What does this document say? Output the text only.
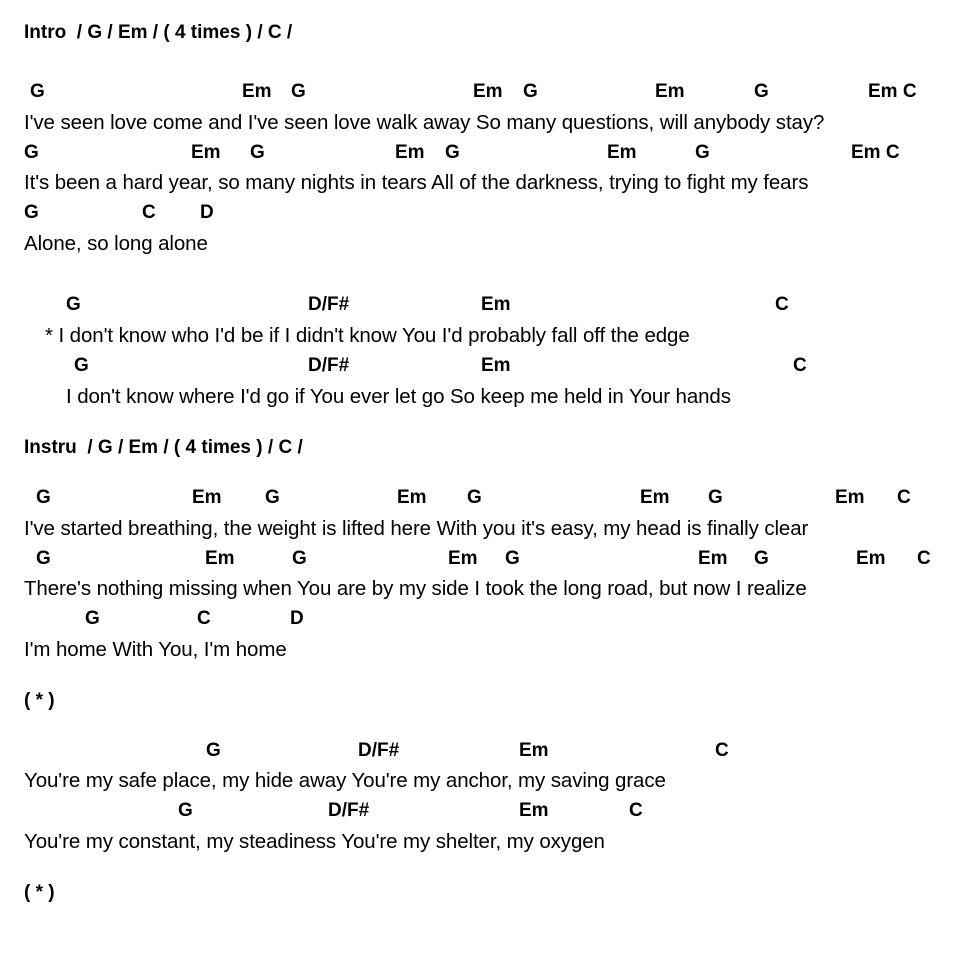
Intro  / G / Em / ( 4 times ) / C /
G	Em G	Em G	Em	G	Em C
I've seen love come and I've seen love walk away So many questions, will anybody stay?
G	Em G	Em G	Em	G	Em C
It's been a hard year, so many nights in tears All of the darkness, trying to fight my fears
G	C D
Alone, so long alone
G	D/F#	Em	C
* I don't know who I'd be if I didn't know You I'd probably fall off the edge
G	D/F#	Em	C
I don't know where I'd go if You ever let go So keep me held in Your hands
Instru  / G / Em / ( 4 times ) / C /
G	Em G	Em G	Em G	Em C
I've started breathing, the weight is lifted here With you it's easy, my head is finally clear
G	Em	G	Em G	Em G	Em C
There's nothing missing when You are by my side I took the long road, but now I realize
G	C	D
I'm home With You, I'm home
( * )
G	D/F#	Em	C
You're my safe place, my hide away You're my anchor, my saving grace
G	D/F#	Em	C
You're my constant, my steadiness You're my shelter, my oxygen
( * )
